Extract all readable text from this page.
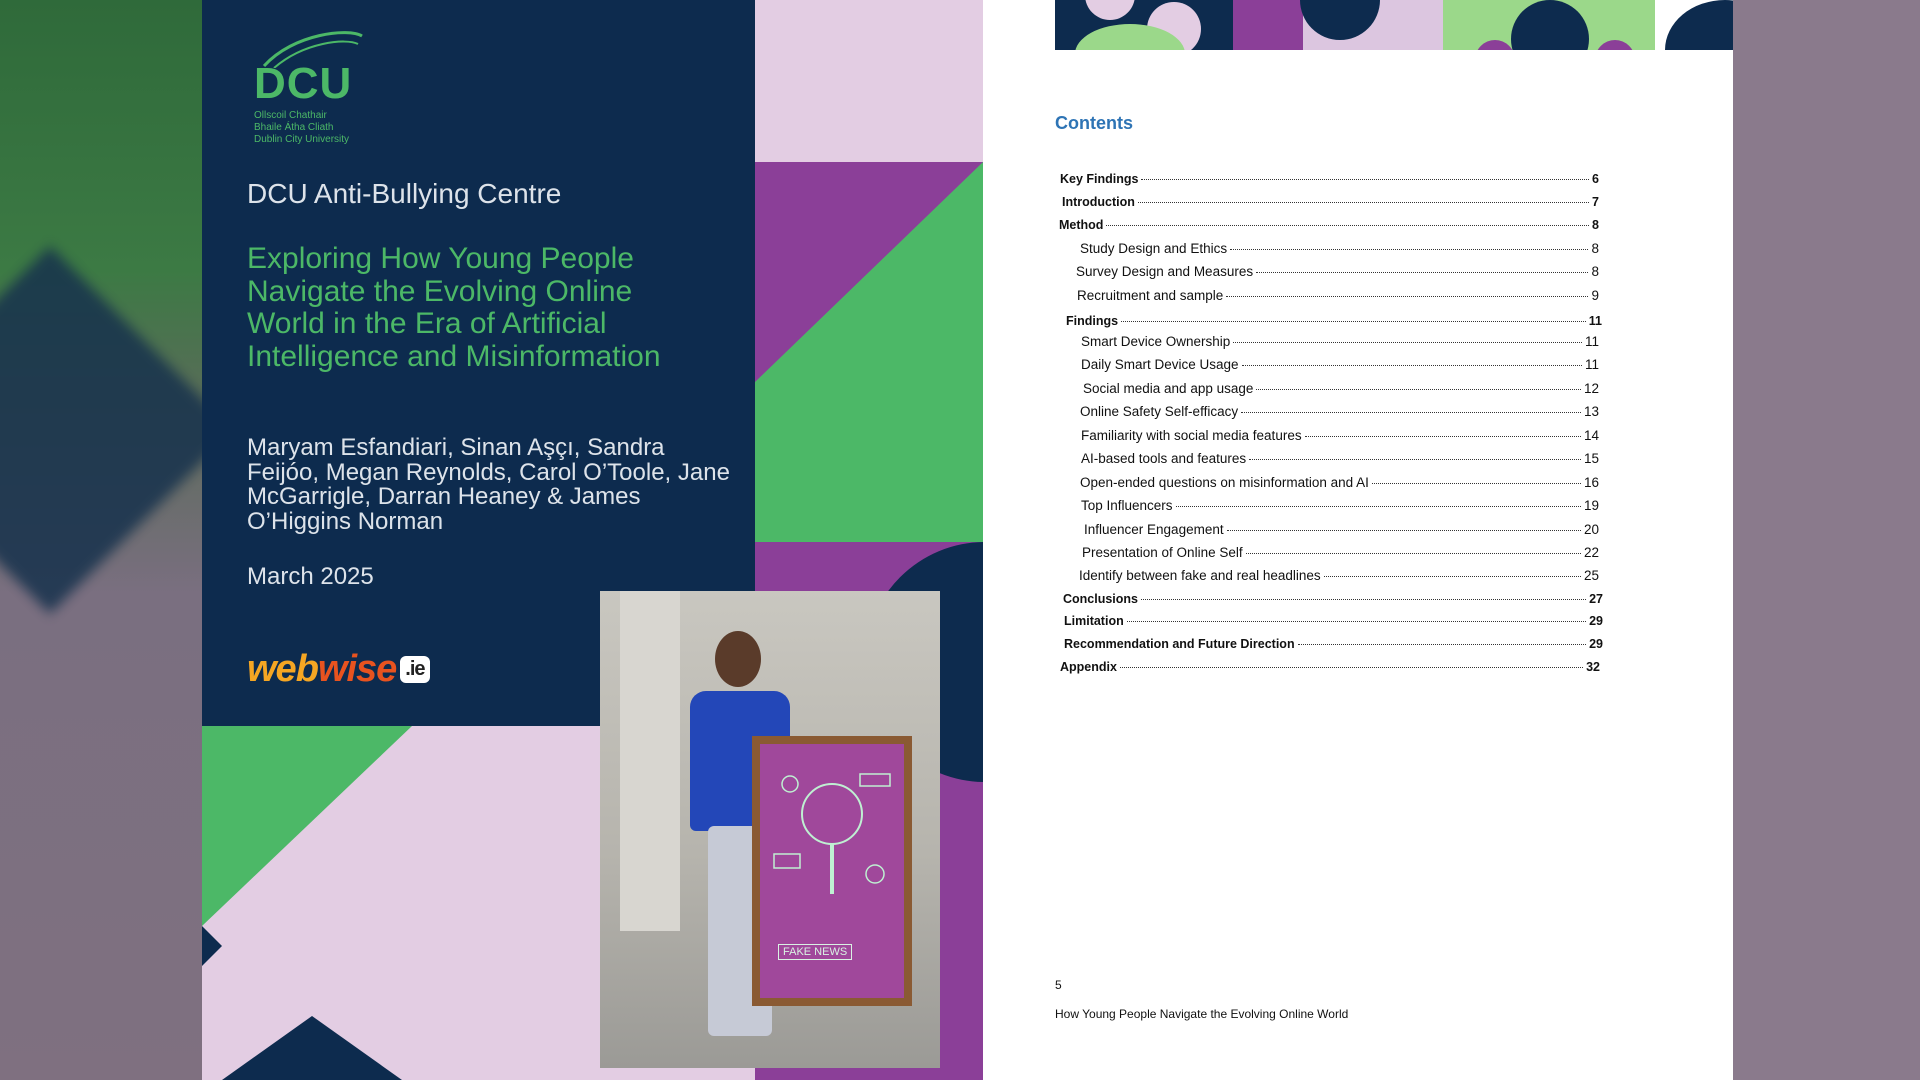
DCU
Ollscoil Chathair
Bhaile Átha Cliath
Dublin City University
DCU Anti-Bullying Centre
Exploring How Young People Navigate the Evolving Online World in the Era of Artificial Intelligence and Misinformation
Maryam Esfandiari, Sinan Aşçı, Sandra Feijóo, Megan Reynolds, Carol O’Toole, Jane McGarrigle, Darran Heaney & James O’Higgins Norman
March 2025
webwise .ie
FAKE NEWS
Contents
Key Findings	6
Introduction	7
Method	8
Study Design and Ethics	8
Survey Design and Measures	8
Recruitment and sample	9
Findings	11
Smart Device Ownership	11
Daily Smart Device Usage	11
Social media and app usage	12
Online Safety Self-efficacy	13
Familiarity with social media features	14
AI-based tools and features	15
Open-ended questions on misinformation and AI	16
Top Influencers	19
Influencer Engagement	20
Presentation of Online Self	22
Identify between fake and real headlines	25
Conclusions	27
Limitation	29
Recommendation and Future Direction	29
Appendix	32
5
How Young People Navigate the Evolving Online World
